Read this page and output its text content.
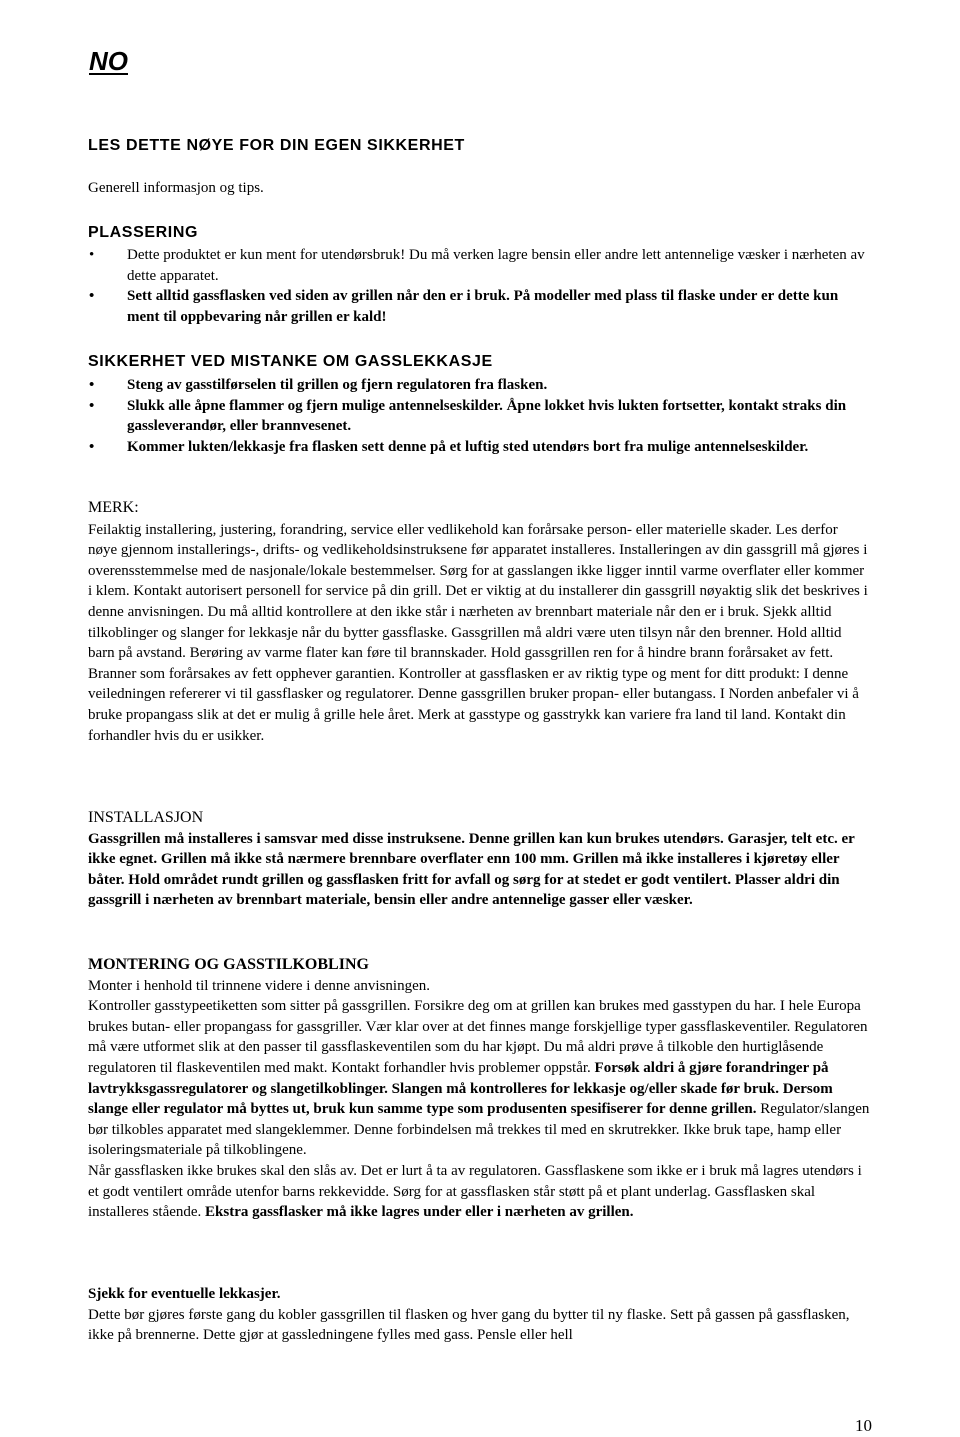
NO
LES DETTE NØYE FOR DIN EGEN SIKKERHET

Generell informasjon og tips.

PLASSERING
• Dette produktet er kun ment for utendørsbruk! Du må verken lagre bensin eller andre lett antennelige væsker i nærheten av dette apparatet.
• Sett alltid gassflasken ved siden av grillen når den er i bruk. På modeller med plass til flaske under er dette kun ment til oppbevaring når grillen er kald!
SIKKERHET VED MISTANKE OM GASSLEKKASJE
• Steng av gasstilførselen til grillen og fjern regulatoren fra flasken.
• Slukk alle åpne flammer og fjern mulige antennelseskilder. Åpne lokket hvis lukten fortsetter, kontakt straks din gassleverandør, eller brannvesenet.
• Kommer lukten/lekkasje fra flasken sett denne på et luftig sted utendørs bort fra mulige antennelseskilder.
MERK:

Feilaktig installering, justering, forandring, service eller vedlikehold kan forårsake person- eller materielle skader. Les derfor nøye gjennom installerings-, drifts- og vedlikeholdsinstruksene før apparatet installeres. Installeringen av din gassgrill må gjøres i overensstemmelse med de nasjonale/lokale bestemmelser. Sørg for at gasslangen ikke ligger inntil varme overflater eller kommer i klem. Kontakt autorisert personell for service på din grill. Det er viktig at du installerer din gassgrill nøyaktig slik det beskrives i denne anvisningen. Du må alltid kontrollere at den ikke står i nærheten av brennbart materiale når den er i bruk. Sjekk alltid tilkoblinger og slanger for lekkasje når du bytter gassflaske. Gassgrillen må aldri være uten tilsyn når den brenner. Hold alltid barn på avstand. Berøring av varme flater kan føre til brannskader. Hold gassgrillen ren for å hindre brann forårsaket av fett. Branner som forårsakes av fett opphever garantien. Kontroller at gassflasken er av riktig type og ment for ditt produkt: I denne veiledningen refererer vi til gassflasker og regulatorer. Denne gassgrillen bruker propan- eller butangass. I Norden anbefaler vi å bruke propangass slik at det er mulig å grille hele året. Merk at gasstype og gasstrykk kan variere fra land til land. Kontakt din forhandler hvis du er usikker.

INSTALLASJON

Gassgrillen må installeres i samsvar med disse instruksene. Denne grillen kan kun brukes utendørs. Garasjer, telt etc. er ikke egnet. Grillen må ikke stå nærmere brennbare overflater enn 100 mm. Grillen må ikke installeres i kjøretøy eller båter. Hold området rundt grillen og gassflasken fritt for avfall og sørg for at stedet er godt ventilert. Plasser aldri din gassgrill i nærheten av brennbart materiale, bensin eller andre antennelige gasser eller væsker.

MONTERING OG GASSTILKOBLING

Monter i henhold til trinnene videre i denne anvisningen.

Kontroller gasstypeetiketten som sitter på gassgrillen. Forsikre deg om at grillen kan brukes med gasstypen du har. I hele Europa brukes butan- eller propangass for gassgriller. Vær klar over at det finnes mange forskjellige typer gassflaskeventiler. Regulatoren må være utformet slik at den passer til gassflaskeventilen som du har kjøpt. Du må aldri prøve å tilkoble den hurtiglåsende regulatoren til flaskeventilen med makt. Kontakt forhandler hvis problemer oppstår. Forsøk aldri å gjøre forandringer på lavtrykksgassregulatorer og slangetilkoblinger. Slangen må kontrolleres for lekkasje og/eller skade før bruk. Dersom slange eller regulator må byttes ut, bruk kun samme type som produsenten spesifiserer for denne grillen. Regulator/slangen bør tilkobles apparatet med slangeklemmer. Denne forbindelsen må trekkes til med en skrutrekker. Ikke bruk tape, hamp eller isoleringsmateriale på tilkoblingene.

Når gassflasken ikke brukes skal den slås av. Det er lurt å ta av regulatoren. Gassflaskene som ikke er i bruk må lagres utendørs i et godt ventilert område utenfor barns rekkevidde. Sørg for at gassflasken står støtt på et plant underlag. Gassflasken skal installeres stående. Ekstra gassflasker må ikke lagres under eller i nærheten av grillen.

Sjekk for eventuelle lekkasjer.

Dette bør gjøres første gang du kobler gassgrillen til flasken og hver gang du bytter til ny flaske. Sett på gassen på gassflasken, ikke på brennerne. Dette gjør at gassledningene fylles med gass. Pensle eller hell

10
